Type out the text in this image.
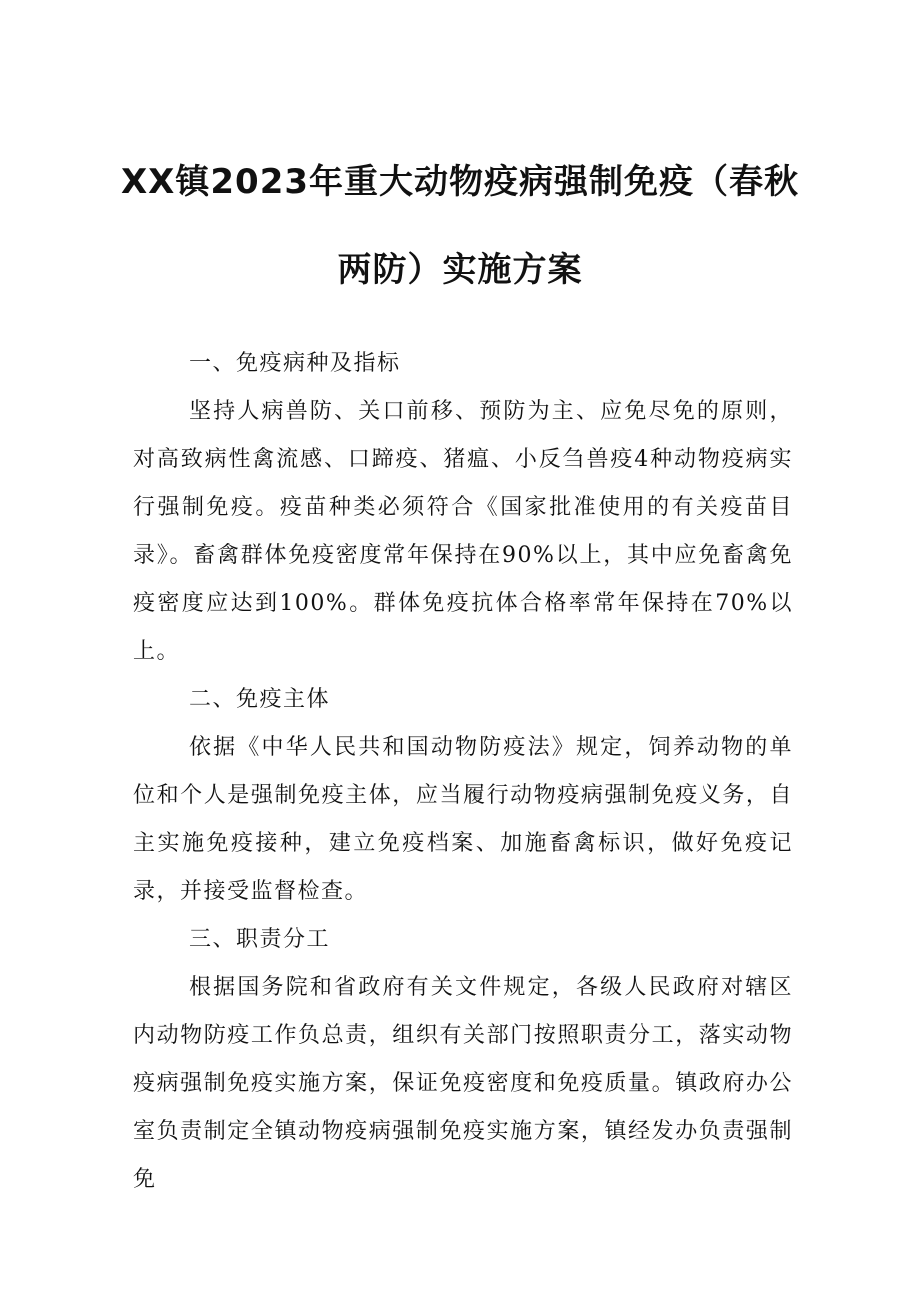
XX镇2023年重大动物疫病强制免疫（春秋
两防）实施方案

一、免疫病种及指标

坚持人病兽防、关口前移、预防为主、应免尽免的原则，对高致病性禽流感、口蹄疫、猪瘟、小反刍兽疫4种动物疫病实行强制免疫。疫苗种类必须符合《国家批准使用的有关疫苗目录》。畜禽群体免疫密度常年保持在90%以上，其中应免畜禽免疫密度应达到100%。群体免疫抗体合格率常年保持在70%以上。

二、免疫主体

依据《中华人民共和国动物防疫法》规定，饲养动物的单位和个人是强制免疫主体，应当履行动物疫病强制免疫义务，自主实施免疫接种，建立免疫档案、加施畜禽标识，做好免疫记录，并接受监督检查。

三、职责分工

根据国务院和省政府有关文件规定，各级人民政府对辖区内动物防疫工作负总责，组织有关部门按照职责分工，落实动物疫病强制免疫实施方案，保证免疫密度和免疫质量。镇政府办公室负责制定全镇动物疫病强制免疫实施方案，镇经发办负责强制免
